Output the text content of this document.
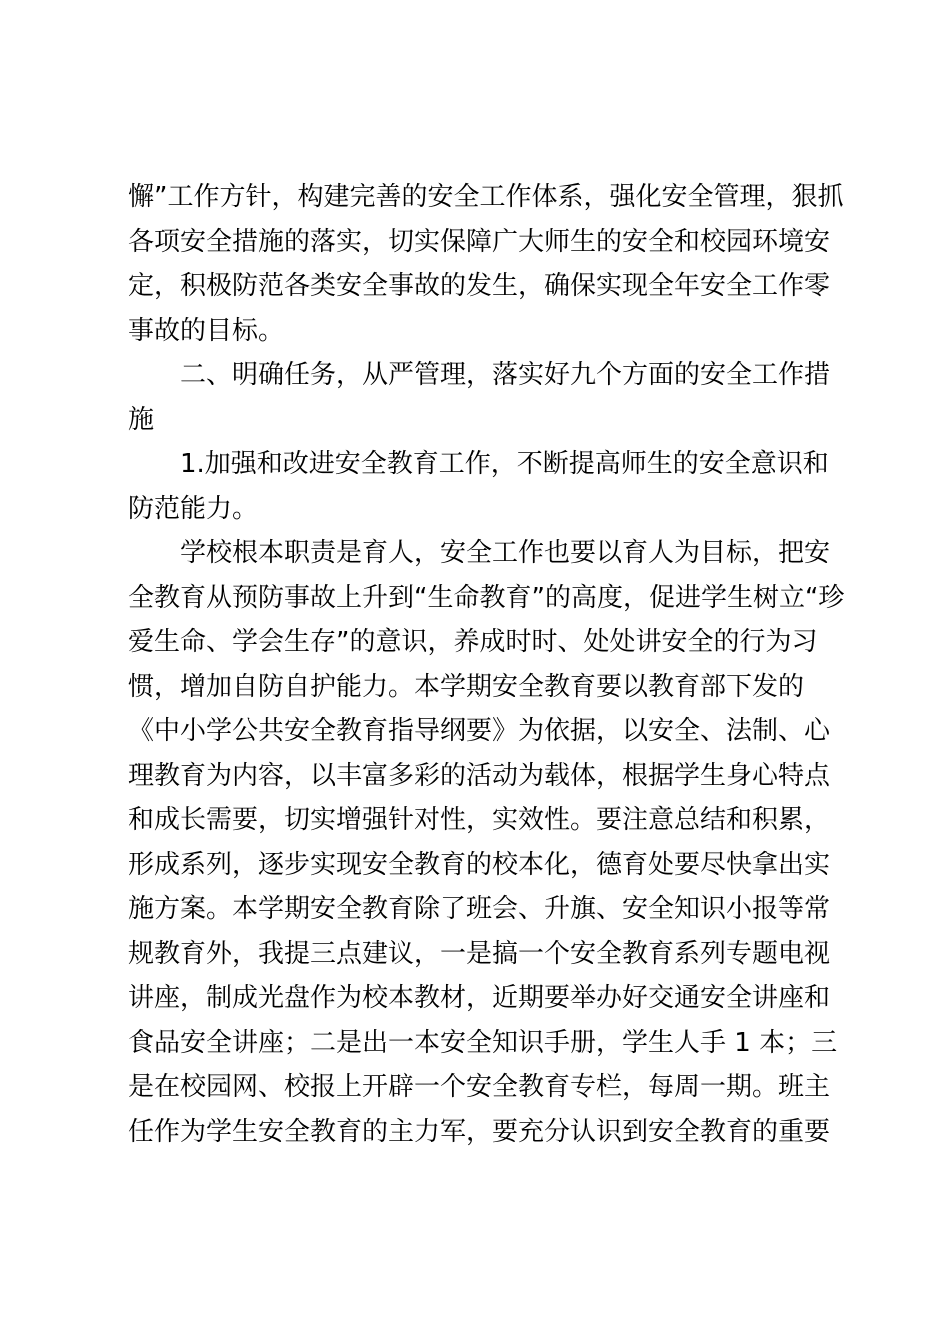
懈”工作方针，构建完善的安全工作体系，强化安全管理，狠抓
各项安全措施的落实，切实保障广大师生的安全和校园环境安
定，积极防范各类安全事故的发生，确保实现全年安全工作零
事故的目标。
二、明确任务，从严管理，落实好九个方面的安全工作措
施
1.加强和改进安全教育工作，不断提高师生的安全意识和
防范能力。
学校根本职责是育人，安全工作也要以育人为目标，把安
全教育从预防事故上升到“生命教育”的高度，促进学生树立“珍
爱生命、学会生存”的意识，养成时时、处处讲安全的行为习
惯，增加自防自护能力。本学期安全教育要以教育部下发的
《中小学公共安全教育指导纲要》为依据，以安全、法制、心
理教育为内容，以丰富多彩的活动为载体，根据学生身心特点
和成长需要，切实增强针对性，实效性。要注意总结和积累，
形成系列，逐步实现安全教育的校本化，德育处要尽快拿出实
施方案。本学期安全教育除了班会、升旗、安全知识小报等常
规教育外，我提三点建议，一是搞一个安全教育系列专题电视
讲座，制成光盘作为校本教材，近期要举办好交通安全讲座和
食品安全讲座；二是出一本安全知识手册，学生人手 1 本；三
是在校园网、校报上开辟一个安全教育专栏，每周一期。班主
任作为学生安全教育的主力军，要充分认识到安全教育的重要
